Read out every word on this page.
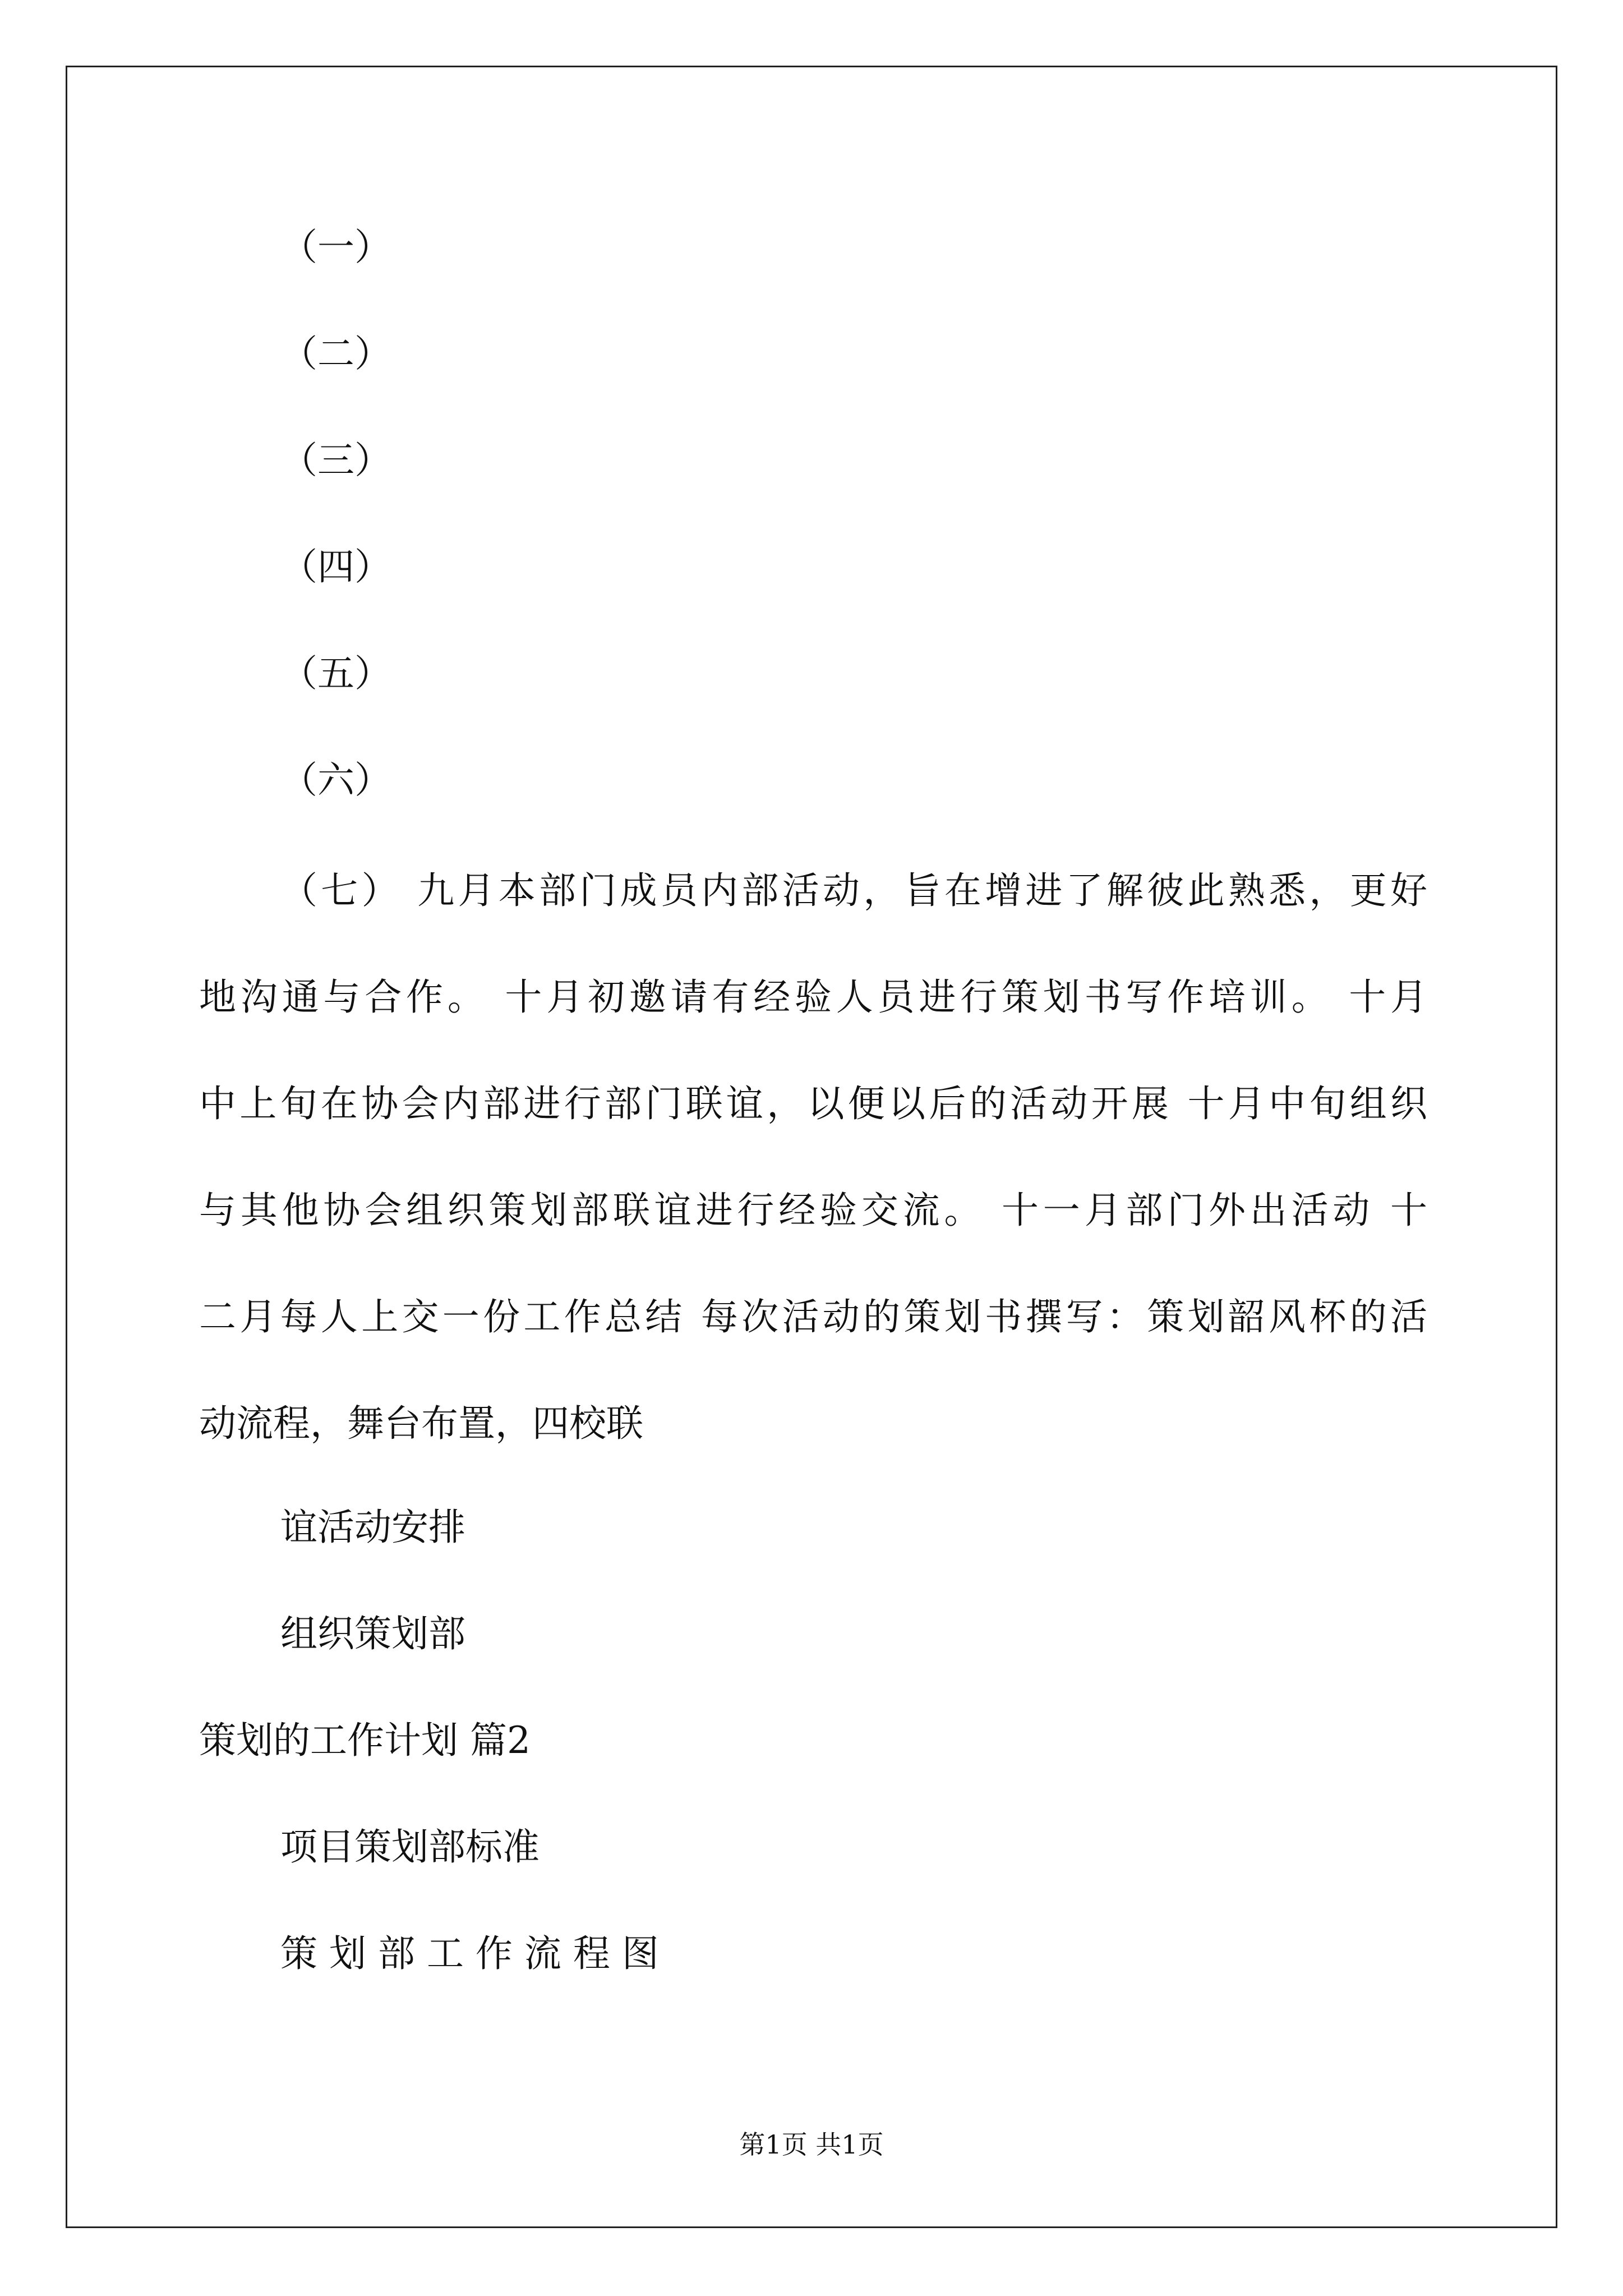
（一）
（二）
（三）
（四）
（五）
（六）
（七） 九月本部门成员内部活动，旨在增进了解彼此熟悉，更好
地沟通与合作。 十月初邀请有经验人员进行策划书写作培训。 十月
中上旬在协会内部进行部门联谊，以便以后的活动开展 十月中旬组织
与其他协会组织策划部联谊进行经验交流。 十一月部门外出活动 十
二月每人上交一份工作总结 每次活动的策划书撰写：策划韶风杯的活
动流程，舞台布置，四校联
谊活动安排
组织策划部
策划的工作计划 篇2
项目策划部标准
策 划 部 工 作 流 程 图
第1页 共1页
